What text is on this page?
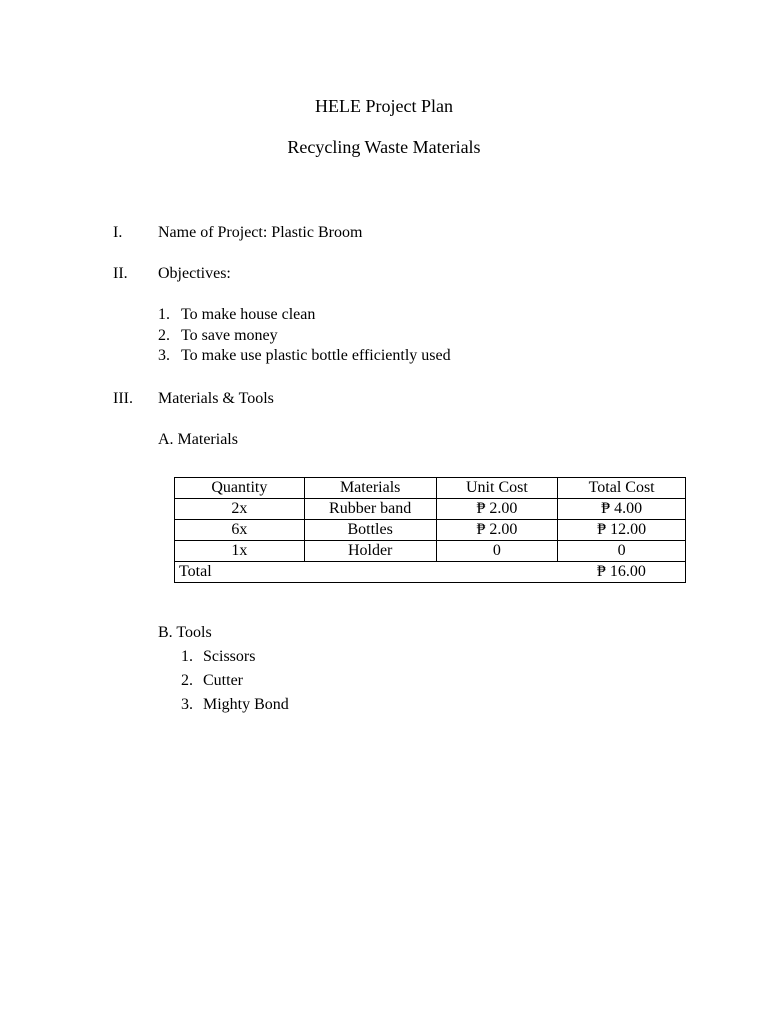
HELE Project Plan
Recycling Waste Materials
I. Name of Project: Plastic Broom
II. Objectives:
1. To make house clean
2. To save money
3. To make use plastic bottle efficiently used
III. Materials & Tools
A. Materials
Quantity	Materials	Unit Cost	Total Cost
2x	Rubber band	₱ 2.00	₱ 4.00
6x	Bottles	₱ 2.00	₱ 12.00
1x	Holder	0	0
Total			₱ 16.00
B. Tools
1. Scissors
2. Cutter
3. Mighty Bond
